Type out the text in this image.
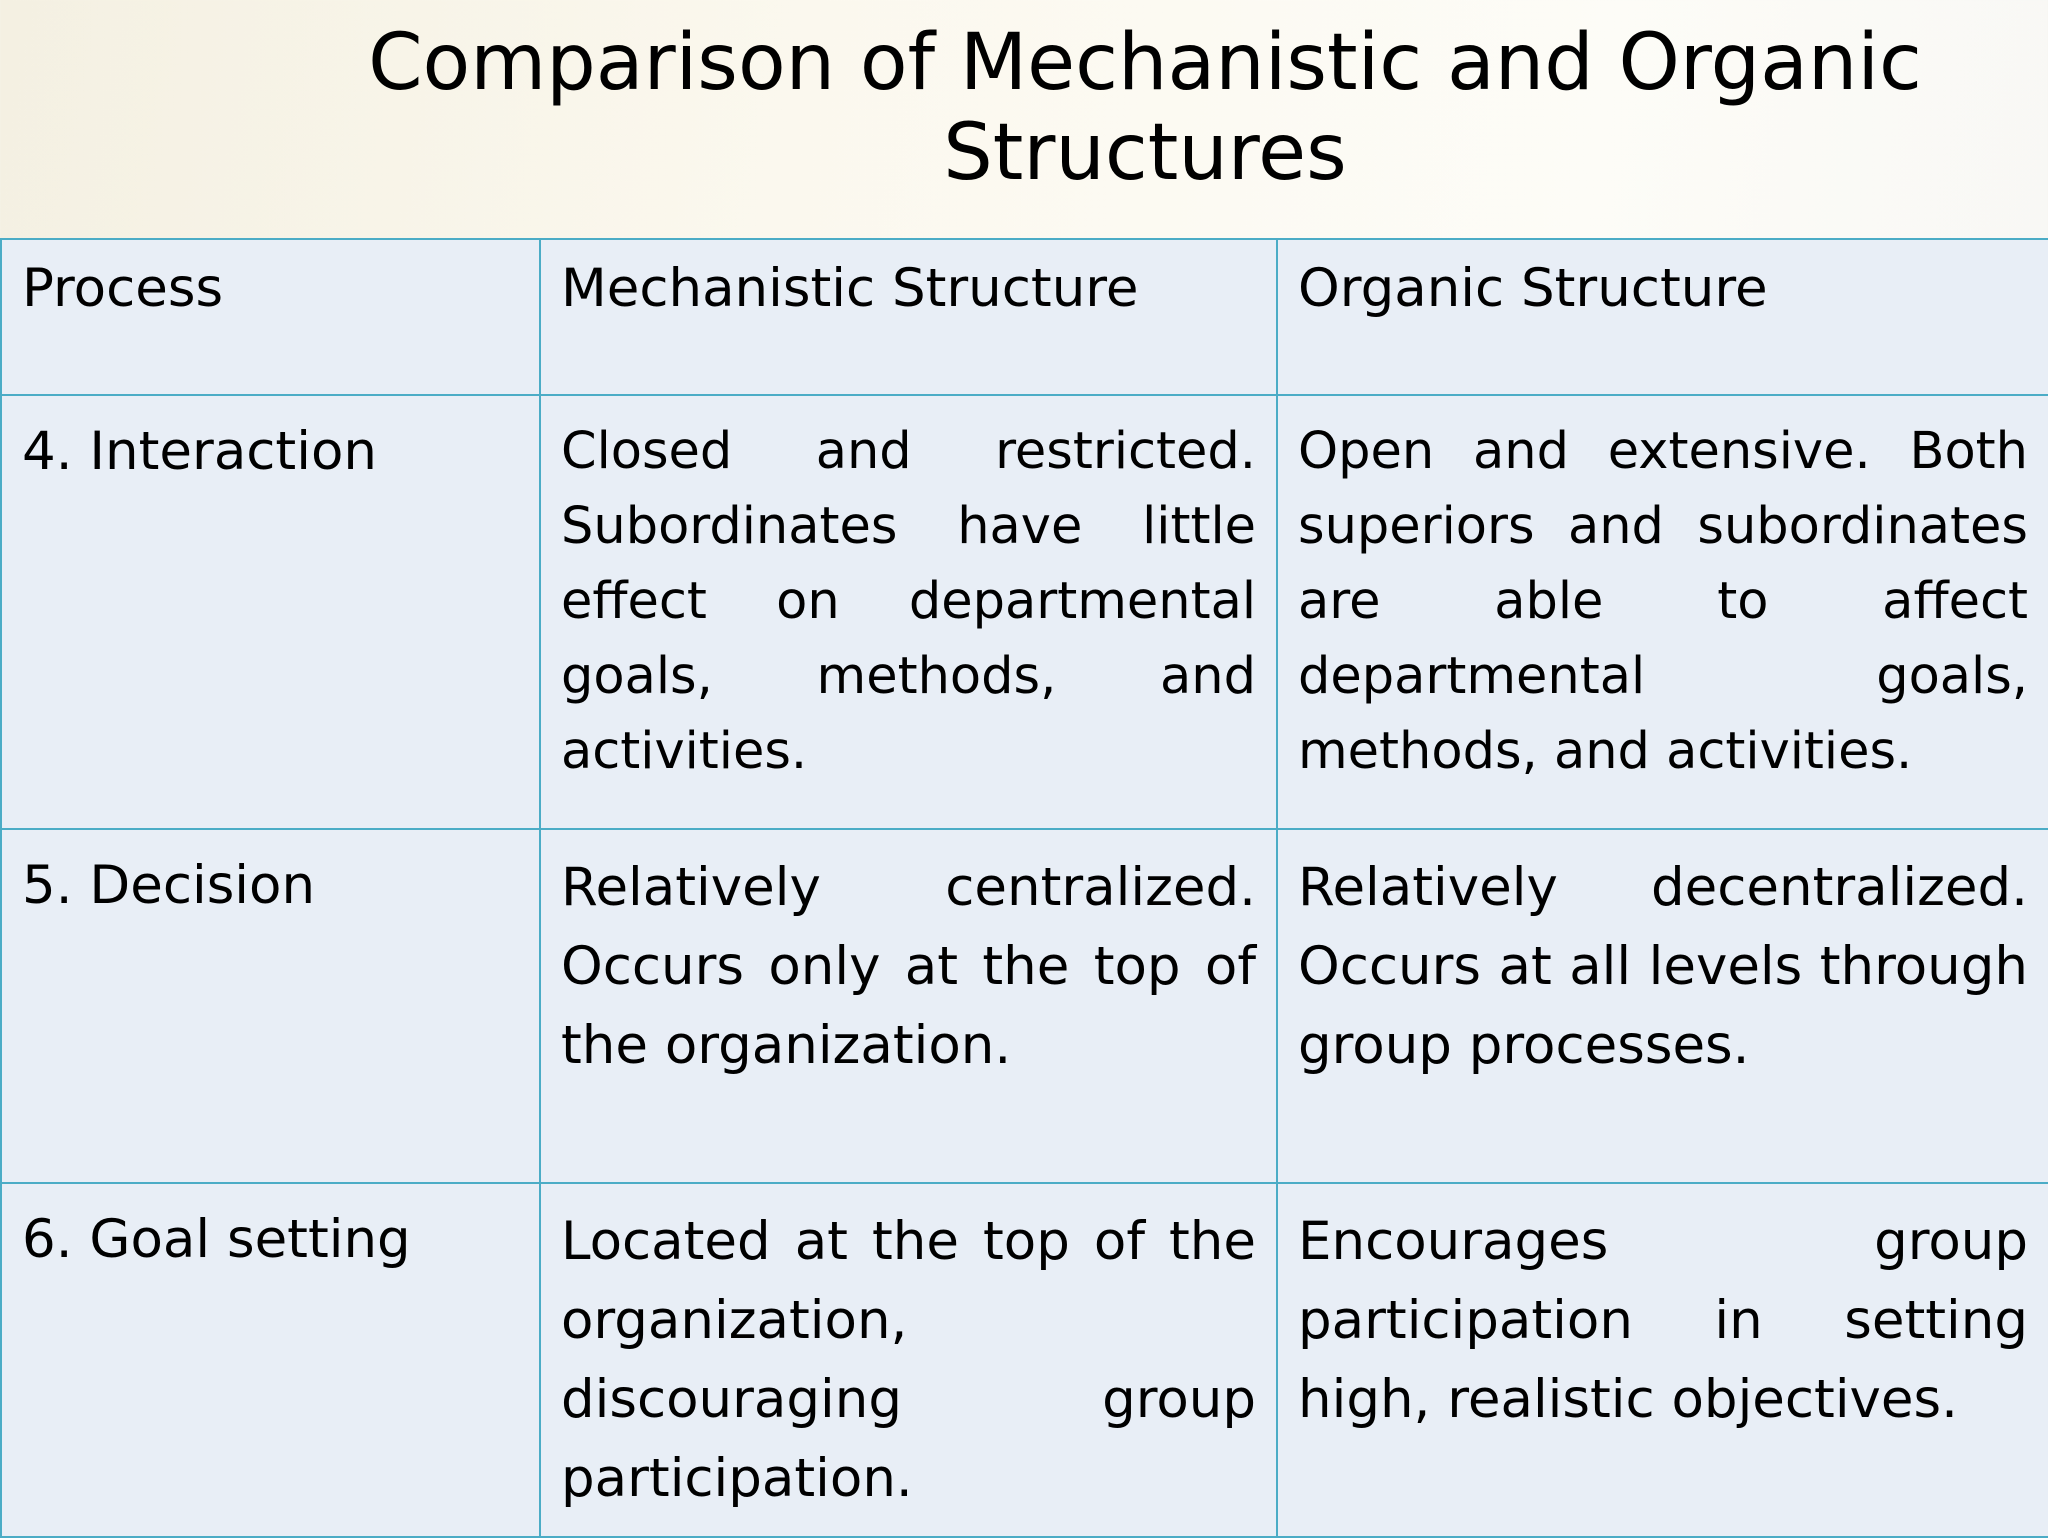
Comparison of Mechanistic and Organic Structures
Process	Mechanistic Structure	Organic Structure
4. Interaction	Closed and restricted. Subordinates have little effect on departmental goals, methods, and activities.	Open and extensive. Both superiors and subordinates are able to affect departmental goals, methods, and activities.
5. Decision	Relatively centralized. Occurs only at the top of the organization.	Relatively decentralized. Occurs at all levels through group processes.
6. Goal setting	Located at the top of the organization, discouraging group participation.	Encourages group participation in setting high, realistic objectives.
